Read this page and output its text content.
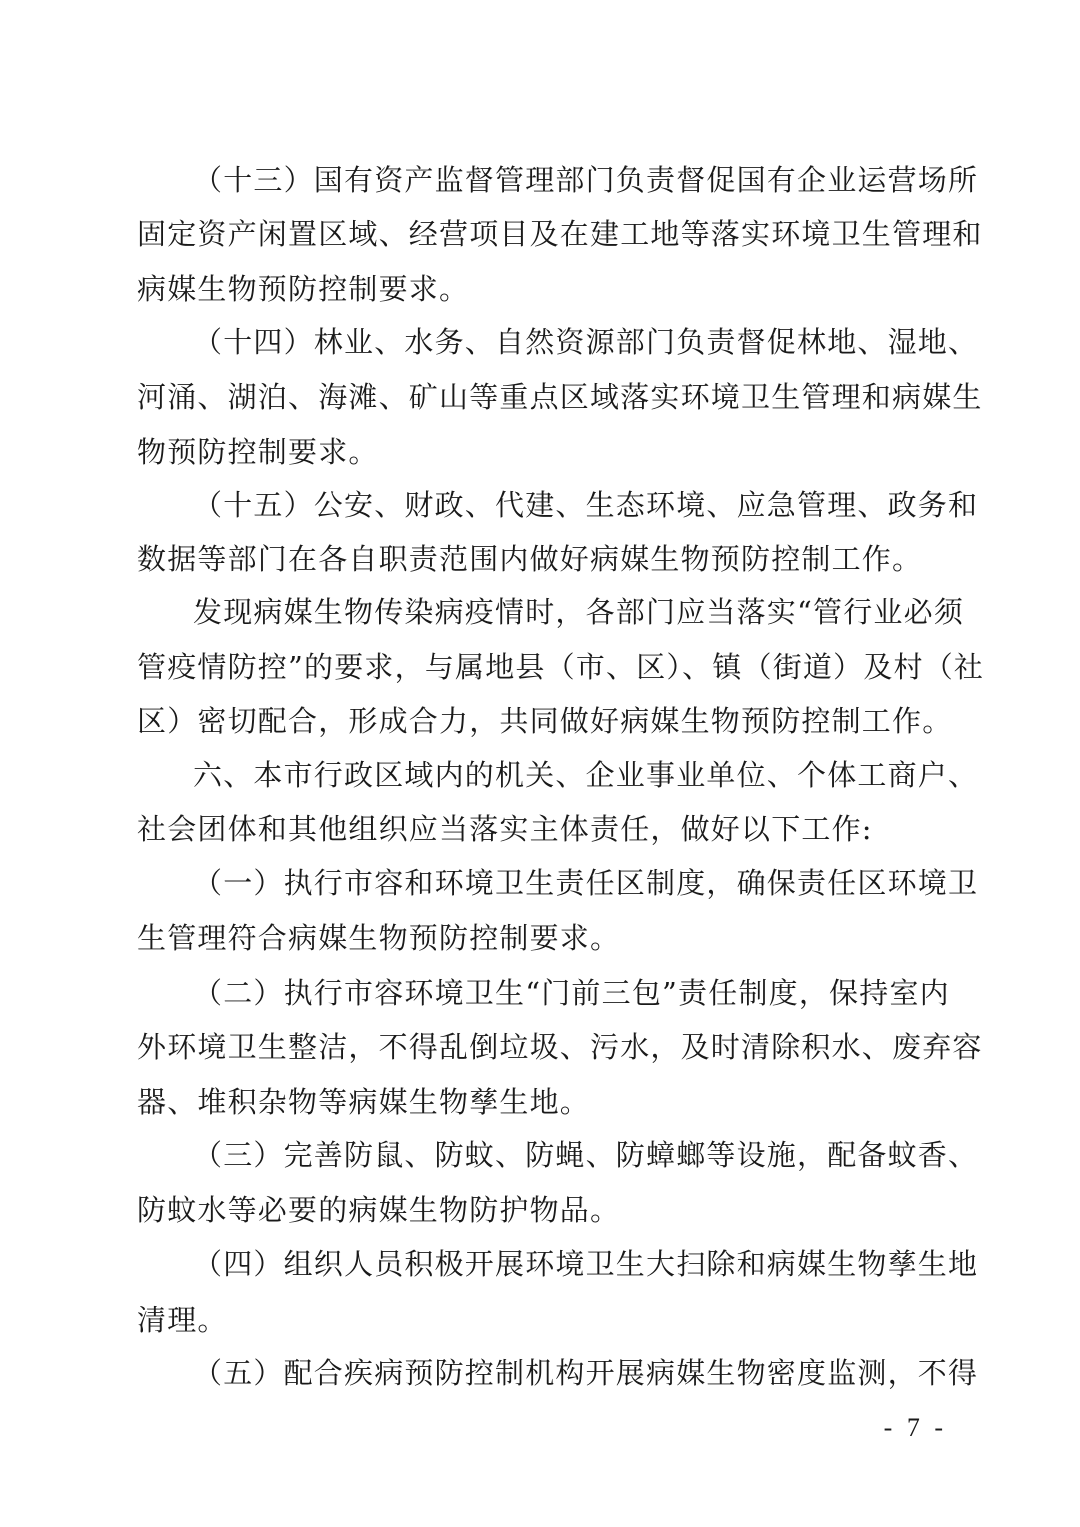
（十三）国有资产监督管理部门负责督促国有企业运营场所
固定资产闲置区域、经营项目及在建工地等落实环境卫生管理和
病媒生物预防控制要求。
（十四）林业、水务、自然资源部门负责督促林地、湿地、
河涌、湖泊、海滩、矿山等重点区域落实环境卫生管理和病媒生
物预防控制要求。
（十五）公安、财政、代建、生态环境、应急管理、政务和
数据等部门在各自职责范围内做好病媒生物预防控制工作。
发现病媒生物传染病疫情时，各部门应当落实“管行业必须
管疫情防控”的要求，与属地县（市、区）、镇（街道）及村（社
区）密切配合，形成合力，共同做好病媒生物预防控制工作。
六、本市行政区域内的机关、企业事业单位、个体工商户、
社会团体和其他组织应当落实主体责任，做好以下工作:
（一）执行市容和环境卫生责任区制度，确保责任区环境卫
生管理符合病媒生物预防控制要求。
（二）执行市容环境卫生“门前三包”责任制度，保持室内
外环境卫生整洁，不得乱倒垃圾、污水，及时清除积水、废弃容
器、堆积杂物等病媒生物孳生地。
（三）完善防鼠、防蚊、防蝇、防蟑螂等设施，配备蚊香、
防蚊水等必要的病媒生物防护物品。
（四）组织人员积极开展环境卫生大扫除和病媒生物孳生地
清理。
（五）配合疾病预防控制机构开展病媒生物密度监测，不得
- 7 -
